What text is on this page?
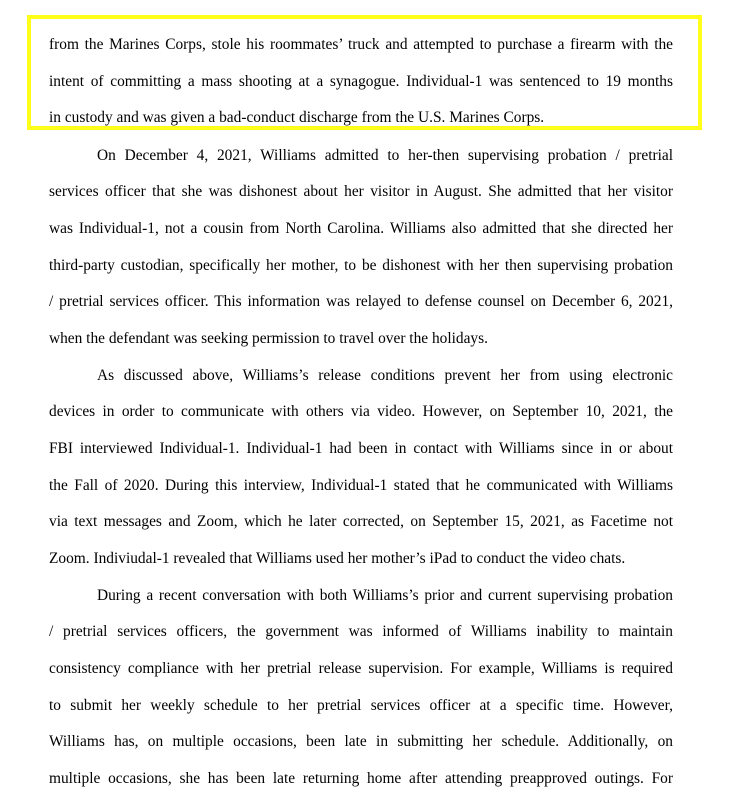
from the Marines Corps, stole his roommates’ truck and attempted to purchase a firearm with the
intent of committing a mass shooting at a synagogue. Individual-1 was sentenced to 19 months
in custody and was given a bad-conduct discharge from the U.S. Marines Corps.
On December 4, 2021, Williams admitted to her-then supervising probation / pretrial
services officer that she was dishonest about her visitor in August. She admitted that her visitor
was Individual-1, not a cousin from North Carolina. Williams also admitted that she directed her
third-party custodian, specifically her mother, to be dishonest with her then supervising probation
/ pretrial services officer. This information was relayed to defense counsel on December 6, 2021,
when the defendant was seeking permission to travel over the holidays.
As discussed above, Williams’s release conditions prevent her from using electronic
devices in order to communicate with others via video. However, on September 10, 2021, the
FBI interviewed Individual-1. Individual-1 had been in contact with Williams since in or about
the Fall of 2020. During this interview, Individual-1 stated that he communicated with Williams
via text messages and Zoom, which he later corrected, on September 15, 2021, as Facetime not
Zoom. Indiviudal-1 revealed that Williams used her mother’s iPad to conduct the video chats.
During a recent conversation with both Williams’s prior and current supervising probation
/ pretrial services officers, the government was informed of Williams inability to maintain
consistency compliance with her pretrial release supervision. For example, Williams is required
to submit her weekly schedule to her pretrial services officer at a specific time. However,
Williams has, on multiple occasions, been late in submitting her schedule. Additionally, on
multiple occasions, she has been late returning home after attending preapproved outings. For
